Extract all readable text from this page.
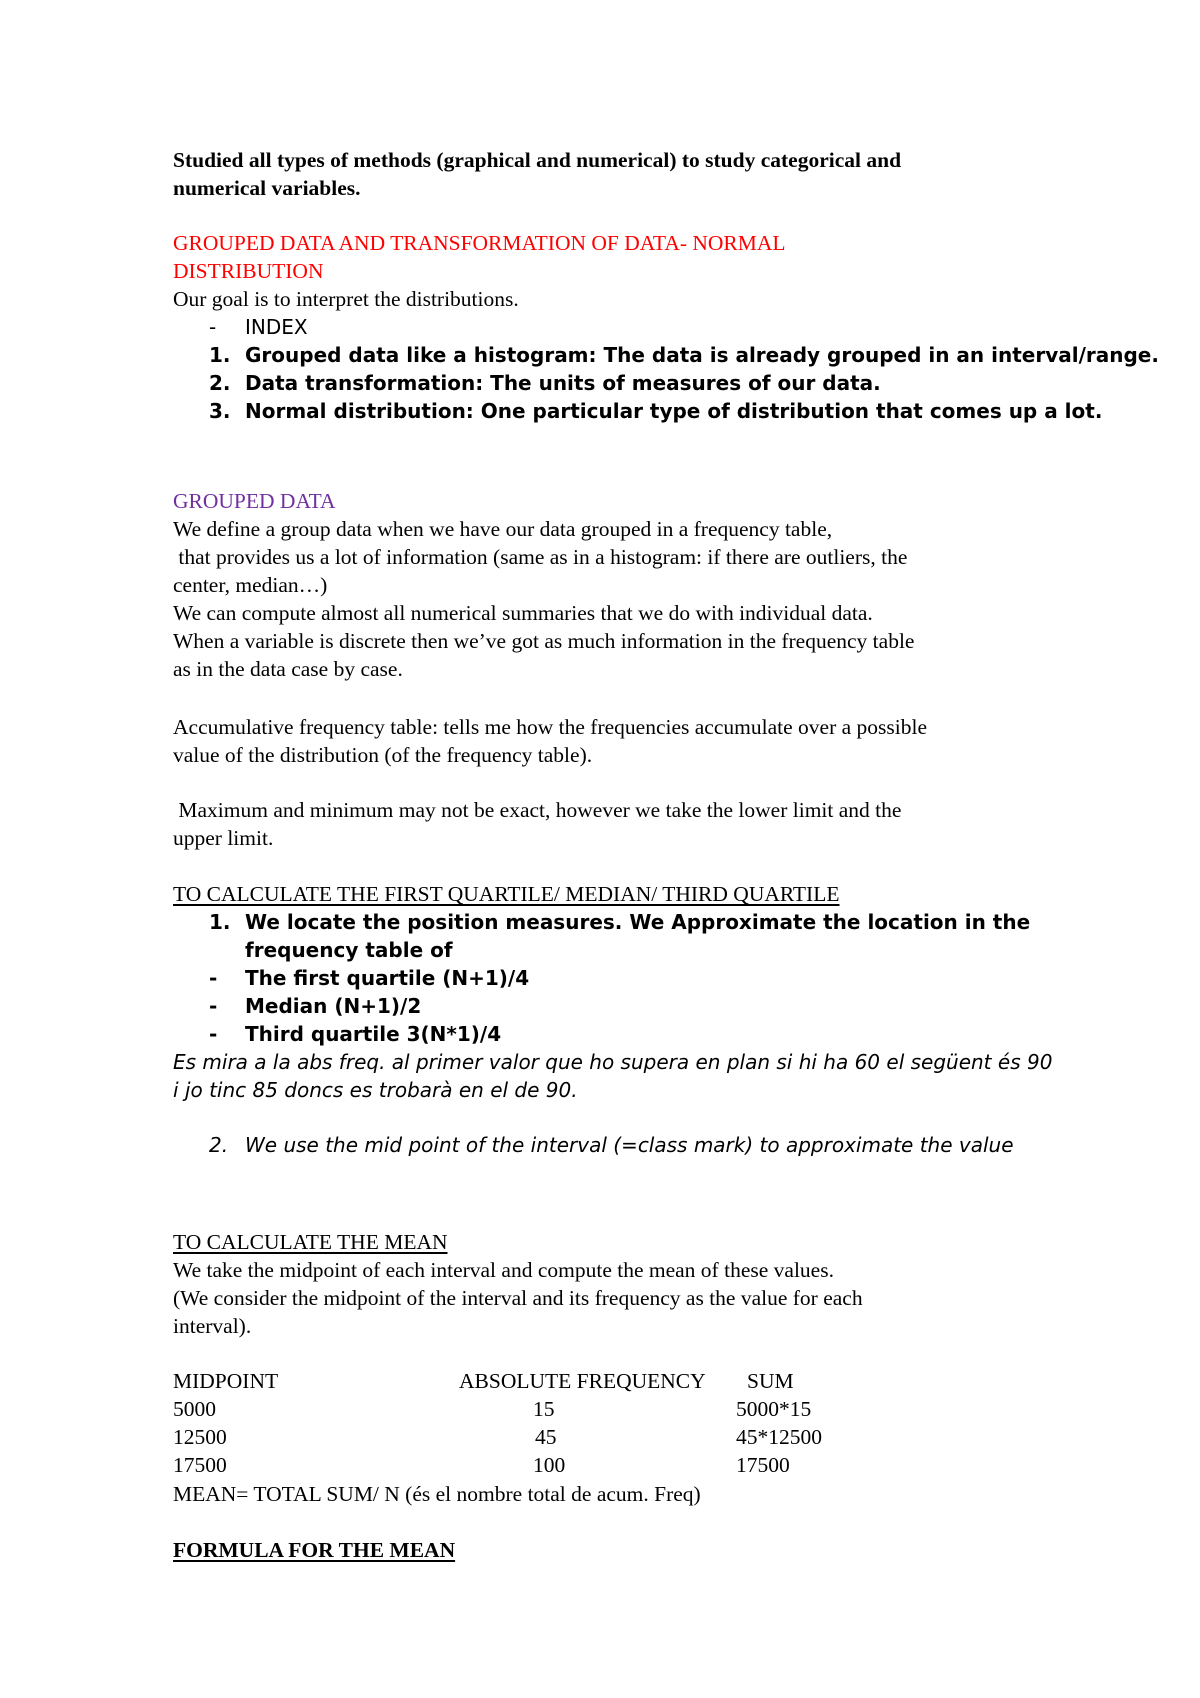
Studied all types of methods (graphical and numerical) to study categorical and
numerical variables.
GROUPED DATA AND TRANSFORMATION OF DATA- NORMAL
DISTRIBUTION
Our goal is to interpret the distributions.
- INDEX
1. Grouped data like a histogram: The data is already grouped in an interval/range.
2. Data transformation: The units of measures of our data.
3. Normal distribution: One particular type of distribution that comes up a lot.
GROUPED DATA
We define a group data when we have our data grouped in a frequency table,
that provides us a lot of information (same as in a histogram: if there are outliers, the
center, median…)
We can compute almost all numerical summaries that we do with individual data.
When a variable is discrete then we’ve got as much information in the frequency table
as in the data case by case.
Accumulative frequency table: tells me how the frequencies accumulate over a possible
value of the distribution (of the frequency table).
Maximum and minimum may not be exact, however we take the lower limit and the
upper limit.
TO CALCULATE THE FIRST QUARTILE/ MEDIAN/ THIRD QUARTILE
1. We locate the position measures. We Approximate the location in the
frequency table of
- The first quartile (N+1)/4
- Median (N+1)/2
- Third quartile 3(N*1)/4
Es mira a la abs freq. al primer valor que ho supera en plan si hi ha 60 el següent és 90
i jo tinc 85 doncs es trobarà en el de 90.
2. We use the mid point of the interval (=class mark) to approximate the value
TO CALCULATE THE MEAN
We take the midpoint of each interval and compute the mean of these values.
(We consider the midpoint of the interval and its frequency as the value for each
interval).
MIDPOINT	ABSOLUTE FREQUENCY SUM
5000	15	5000*15
12500	45	45*12500
17500	100	17500
MEAN= TOTAL SUM/ N (és el nombre total de acum. Freq)
FORMULA FOR THE MEAN
